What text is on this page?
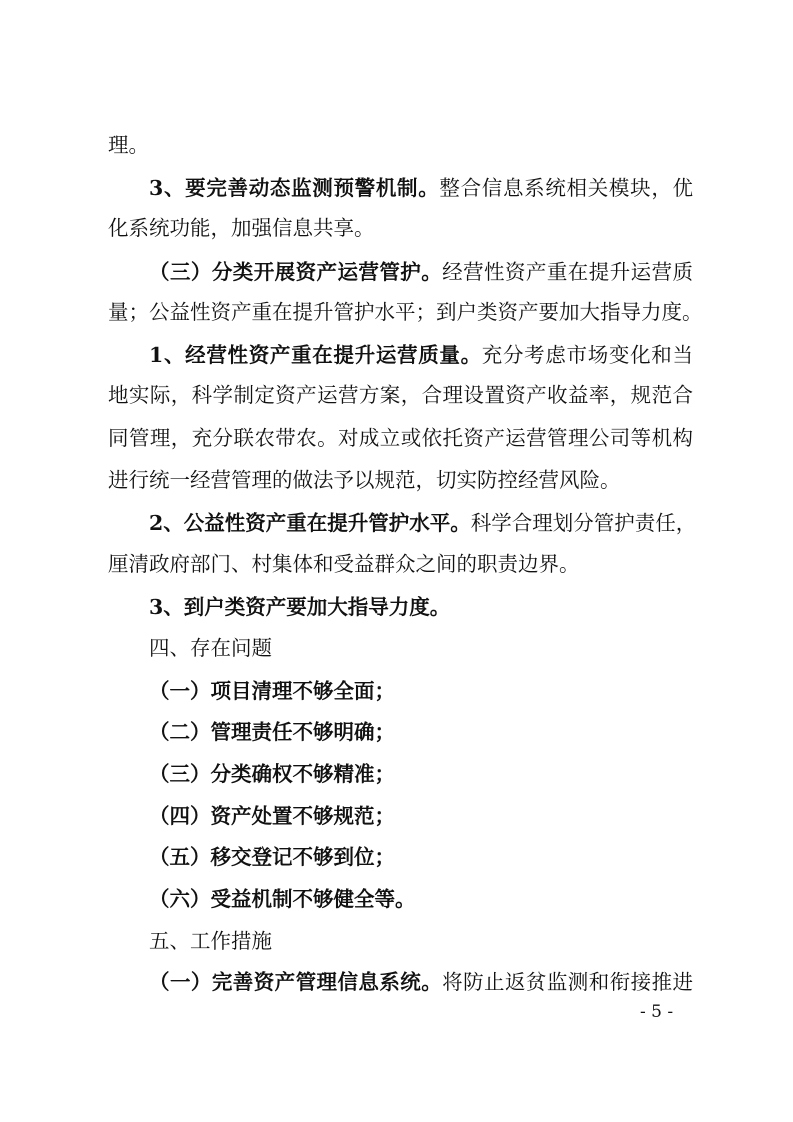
理。
3、要完善动态监测预警机制。整合信息系统相关模块，优
化系统功能，加强信息共享。
（三）分类开展资产运营管护。经营性资产重在提升运营质
量；公益性资产重在提升管护水平；到户类资产要加大指导力度。
1、经营性资产重在提升运营质量。充分考虑市场变化和当
地实际，科学制定资产运营方案，合理设置资产收益率，规范合
同管理，充分联农带农。对成立或依托资产运营管理公司等机构
进行统一经营管理的做法予以规范，切实防控经营风险。
2、公益性资产重在提升管护水平。科学合理划分管护责任，
厘清政府部门、村集体和受益群众之间的职责边界。
3、到户类资产要加大指导力度。
四、存在问题
（一）项目清理不够全面；
（二）管理责任不够明确；
（三）分类确权不够精准；
（四）资产处置不够规范；
（五）移交登记不够到位；
（六）受益机制不够健全等。
五、工作措施
（一）完善资产管理信息系统。将防止返贫监测和衔接推进
- 5 -
